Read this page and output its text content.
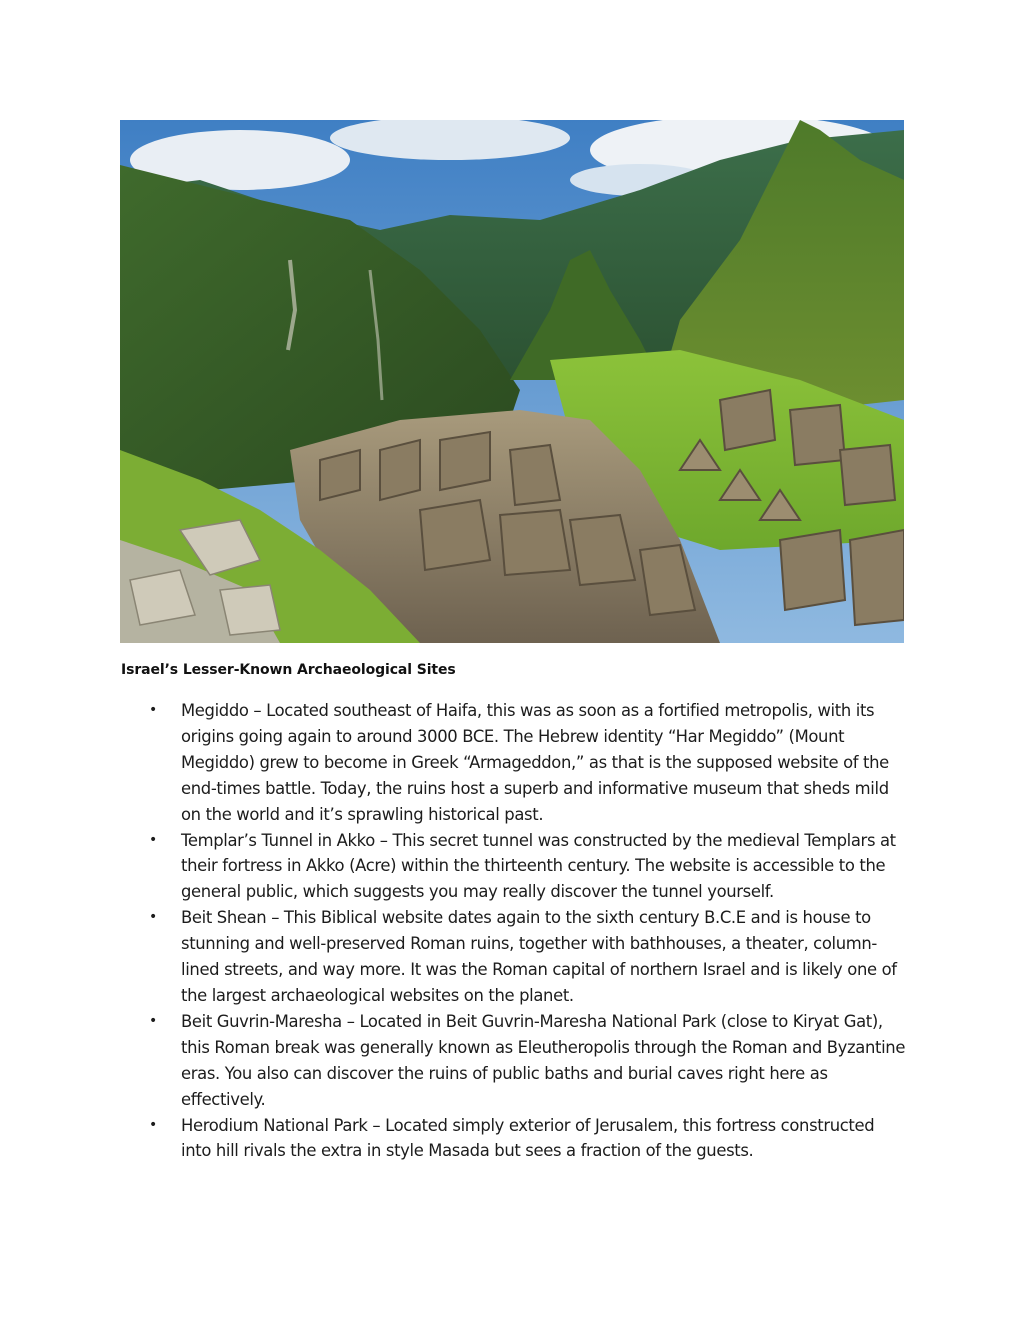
Israel’s Lesser-Known Archaeological Sites
• Megiddo – Located southeast of Haifa, this was as soon as a fortified metropolis, with its origins going again to around 3000 BCE. The Hebrew identity “Har Megiddo” (Mount Megiddo) grew to become in Greek “Armageddon,” as that is the supposed website of the end-times battle. Today, the ruins host a superb and informative museum that sheds mild on the world and it’s sprawling historical past.
• Templar’s Tunnel in Akko – This secret tunnel was constructed by the medieval Templars at their fortress in Akko (Acre) within the thirteenth century. The website is accessible to the general public, which suggests you may really discover the tunnel yourself.
• Beit Shean – This Biblical website dates again to the sixth century B.C.E and is house to stunning and well-preserved Roman ruins, together with bathhouses, a theater, column-lined streets, and way more. It was the Roman capital of northern Israel and is likely one of the largest archaeological websites on the planet.
• Beit Guvrin-Maresha – Located in Beit Guvrin-Maresha National Park (close to Kiryat Gat), this Roman break was generally known as Eleutheropolis through the Roman and Byzantine eras. You also can discover the ruins of public baths and burial caves right here as effectively.
• Herodium National Park – Located simply exterior of Jerusalem, this fortress constructed into hill rivals the extra in style Masada but sees a fraction of the guests.
